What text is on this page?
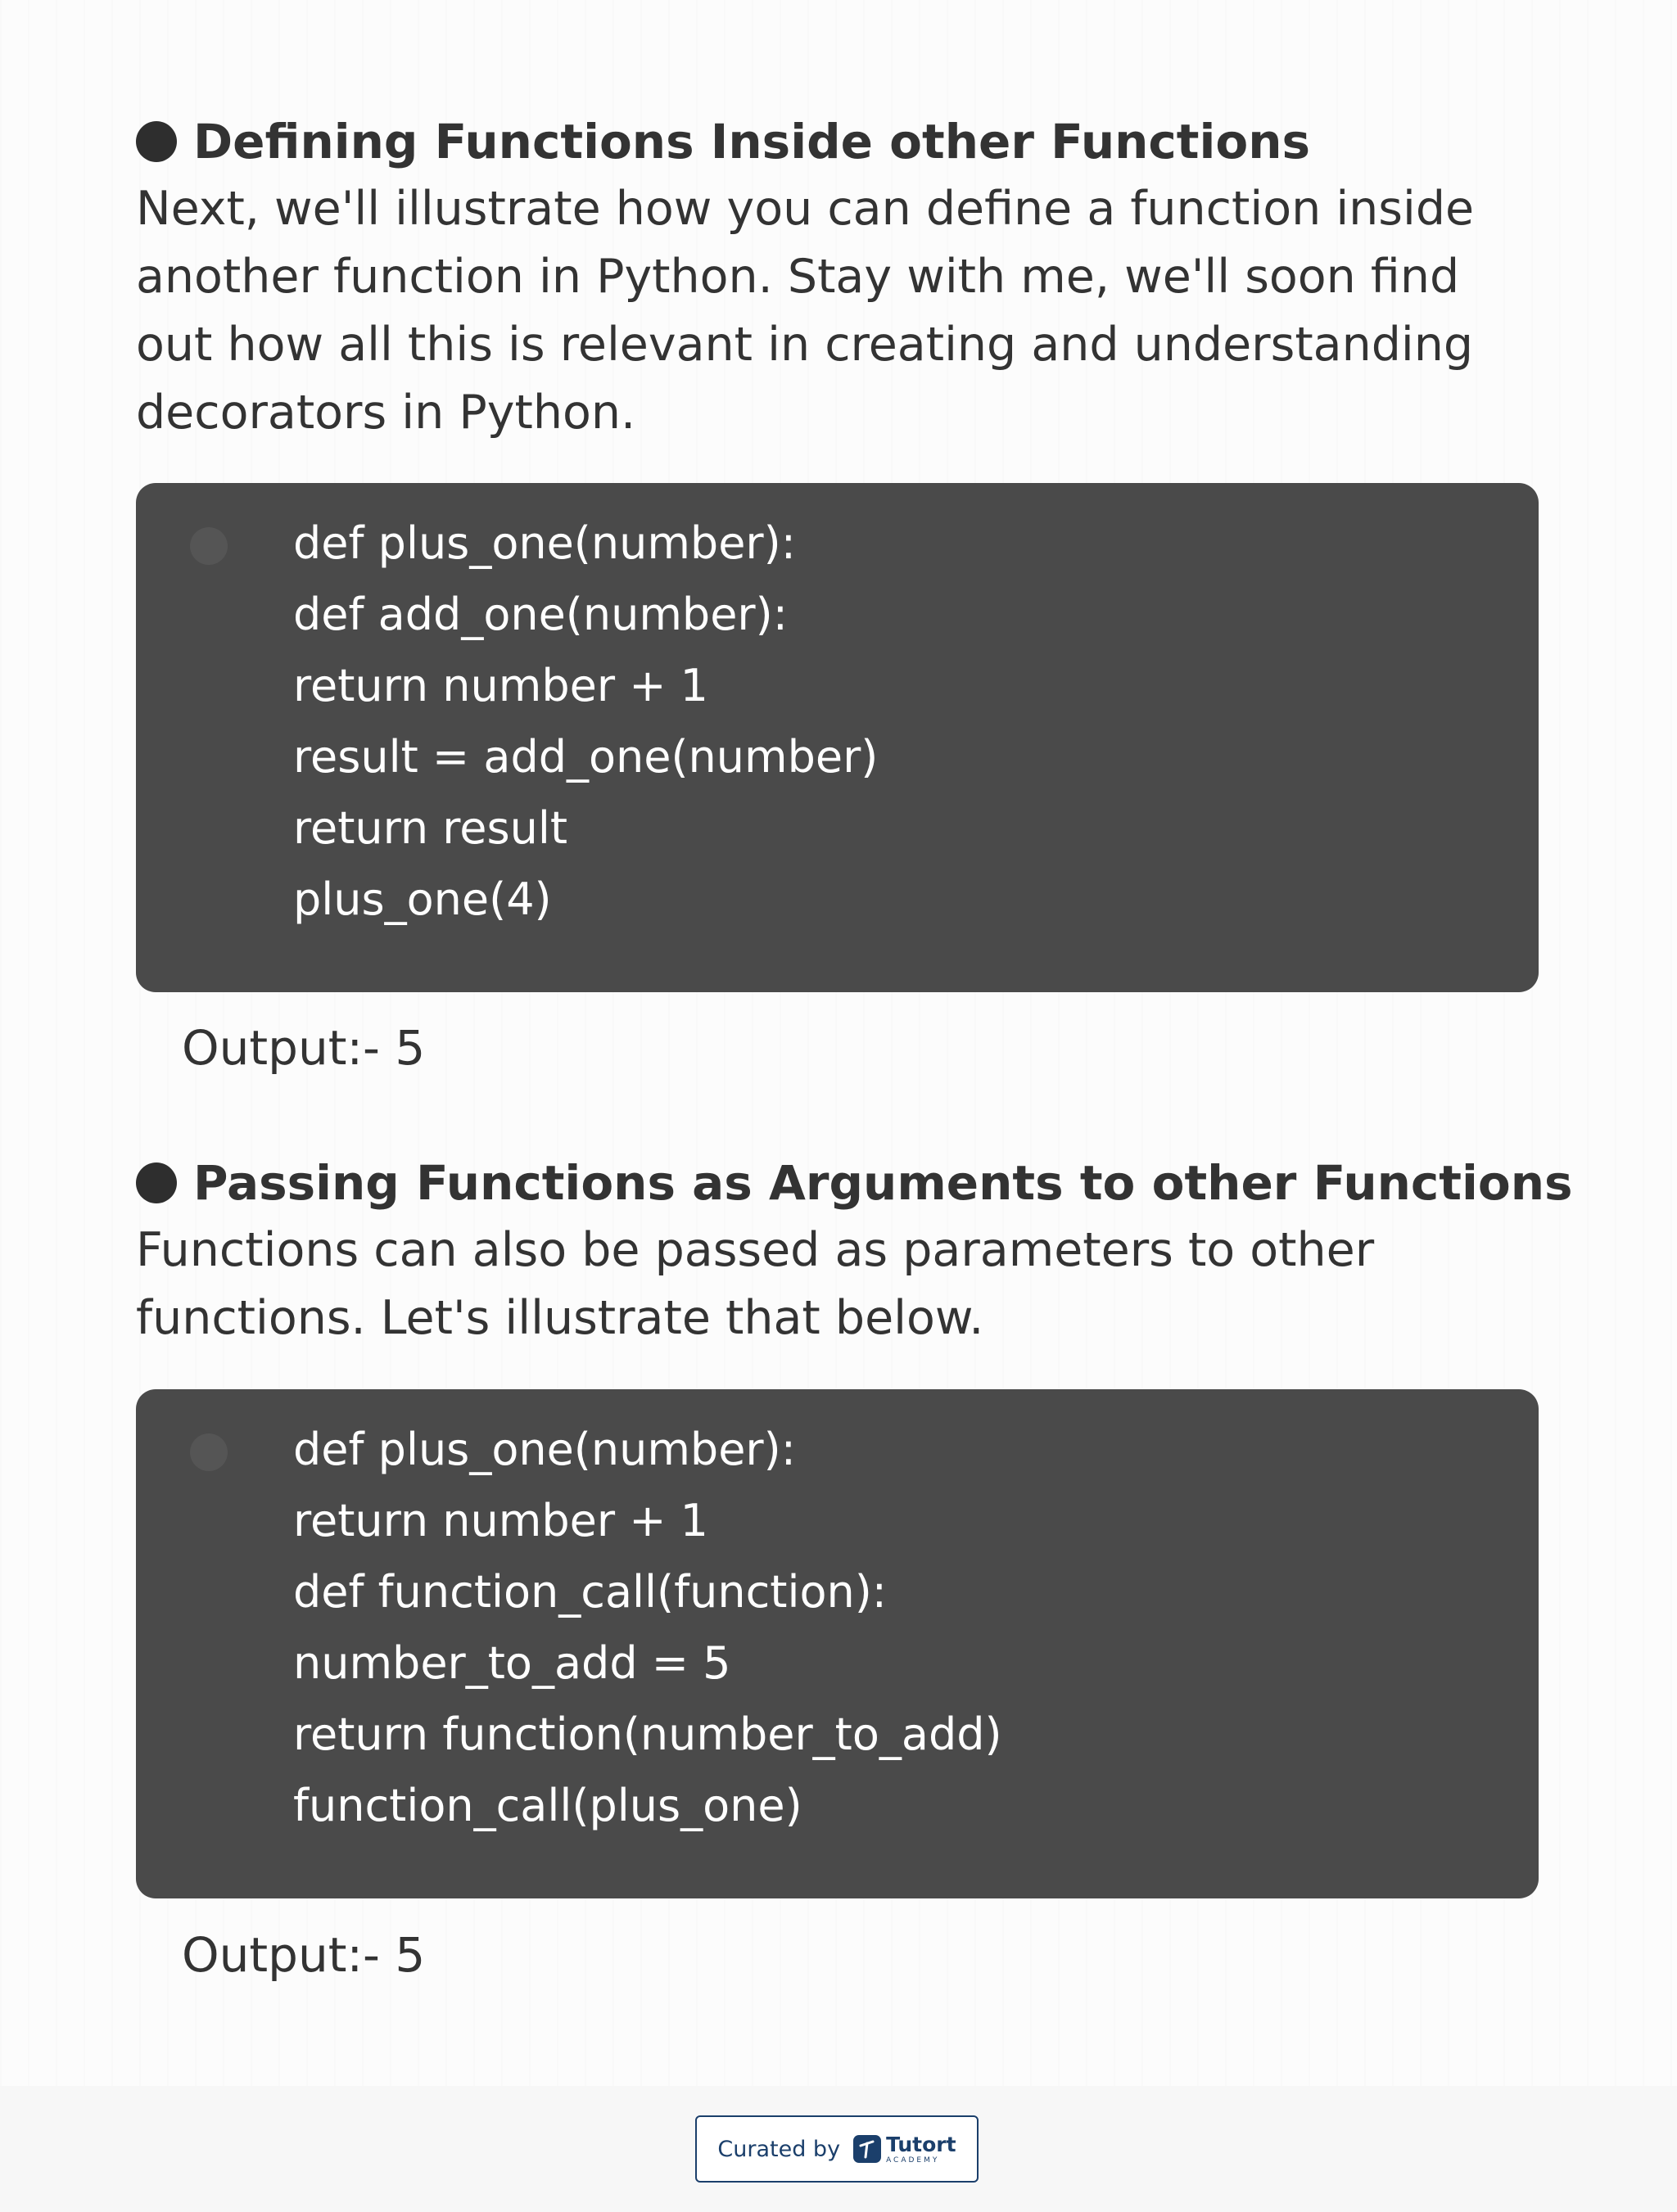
Defining Functions Inside other Functions

Next, we'll illustrate how you can define a function inside another function in Python. Stay with me, we'll soon find out how all this is relevant in creating and understanding decorators in Python.

def plus_one(number):
def add_one(number):
return number + 1
result = add_one(number)
return result
plus_one(4)
Output:- 5
Passing Functions as Arguments to other Functions

Functions can also be passed as parameters to other functions. Let's illustrate that below.

def plus_one(number):
return number + 1
def function_call(function):
number_to_add = 5
return function(number_to_add)
function_call(plus_one)
Output:- 5
Curated by Tutort
ACADEMY
